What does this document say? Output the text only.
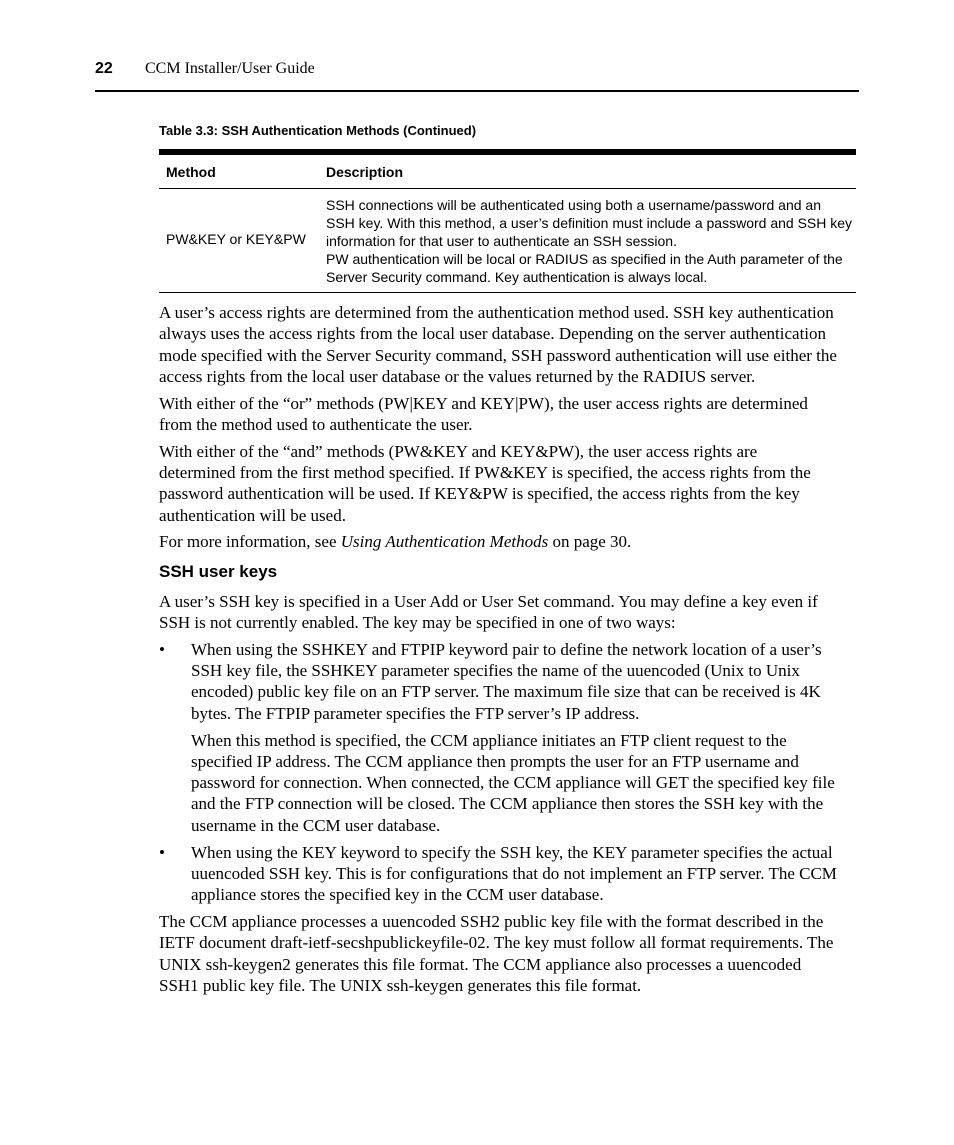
22 CCM Installer/User Guide
Table 3.3: SSH Authentication Methods (Continued)
Method	Description
PW&KEY or KEY&PW
SSH connections will be authenticated using both a username/password and an
SSH key. With this method, a user’s definition must include a password and SSH key
information for that user to authenticate an SSH session.
PW authentication will be local or RADIUS as specified in the Auth parameter of the
Server Security command. Key authentication is always local.

A user’s access rights are determined from the authentication method used. SSH key authentication
always uses the access rights from the local user database. Depending on the server authentication
mode specified with the Server Security command, SSH password authentication will use either the
access rights from the local user database or the values returned by the RADIUS server.

With either of the “or” methods (PW|KEY and KEY|PW), the user access rights are determined
from the method used to authenticate the user.

With either of the “and” methods (PW&KEY and KEY&PW), the user access rights are
determined from the first method specified. If PW&KEY is specified, the access rights from the
password authentication will be used. If KEY&PW is specified, the access rights from the key
authentication will be used.

For more information, see Using Authentication Methods on page 30.

SSH user keys

A user’s SSH key is specified in a User Add or User Set command. You may define a key even if
SSH is not currently enabled. The key may be specified in one of two ways:

• When using the SSHKEY and FTPIP keyword pair to define the network location of a user’s
SSH key file, the SSHKEY parameter specifies the name of the uuencoded (Unix to Unix
encoded) public key file on an FTP server. The maximum file size that can be received is 4K
bytes. The FTPIP parameter specifies the FTP server’s IP address.

When this method is specified, the CCM appliance initiates an FTP client request to the
specified IP address. The CCM appliance then prompts the user for an FTP username and
password for connection. When connected, the CCM appliance will GET the specified key file
and the FTP connection will be closed. The CCM appliance then stores the SSH key with the
username in the CCM user database.

• When using the KEY keyword to specify the SSH key, the KEY parameter specifies the actual
uuencoded SSH key. This is for configurations that do not implement an FTP server. The CCM
appliance stores the specified key in the CCM user database.

The CCM appliance processes a uuencoded SSH2 public key file with the format described in the
IETF document draft-ietf-secshpublickeyfile-02. The key must follow all format requirements. The
UNIX ssh-keygen2 generates this file format. The CCM appliance also processes a uuencoded
SSH1 public key file. The UNIX ssh-keygen generates this file format.
